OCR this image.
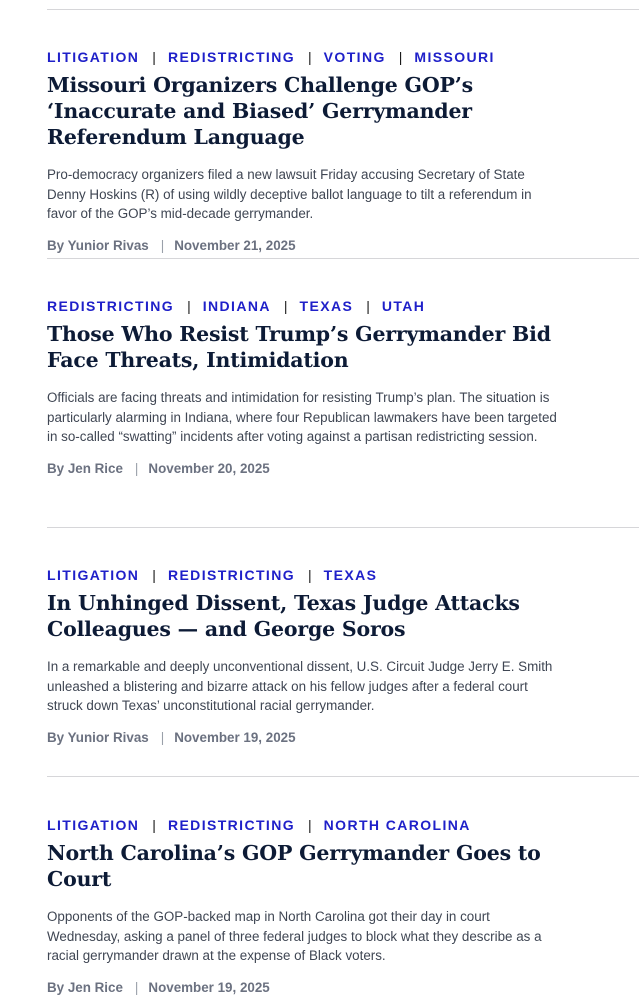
LITIGATION | REDISTRICTING | VOTING | MISSOURI
Missouri Organizers Challenge GOP’s ‘Inaccurate and Biased’ Gerrymander Referendum Language

Pro-democracy organizers filed a new lawsuit Friday accusing Secretary of State Denny Hoskins (R) of using wildly deceptive ballot language to tilt a referendum in favor of the GOP’s mid-decade gerrymander.

By Yunior Rivas | November 21, 2025
REDISTRICTING | INDIANA | TEXAS | UTAH
Those Who Resist Trump’s Gerrymander Bid Face Threats, Intimidation

Officials are facing threats and intimidation for resisting Trump’s plan. The situation is particularly alarming in Indiana, where four Republican lawmakers have been targeted in so-called “swatting” incidents after voting against a partisan redistricting session.

By Jen Rice | November 20, 2025
LITIGATION | REDISTRICTING | TEXAS
In Unhinged Dissent, Texas Judge Attacks Colleagues — and George Soros

In a remarkable and deeply unconventional dissent, U.S. Circuit Judge Jerry E. Smith unleashed a blistering and bizarre attack on his fellow judges after a federal court struck down Texas’ unconstitutional racial gerrymander.

By Yunior Rivas | November 19, 2025
LITIGATION | REDISTRICTING | NORTH CAROLINA
North Carolina’s GOP Gerrymander Goes to Court

Opponents of the GOP-backed map in North Carolina got their day in court Wednesday, asking a panel of three federal judges to block what they describe as a racial gerrymander drawn at the expense of Black voters.

By Jen Rice | November 19, 2025
